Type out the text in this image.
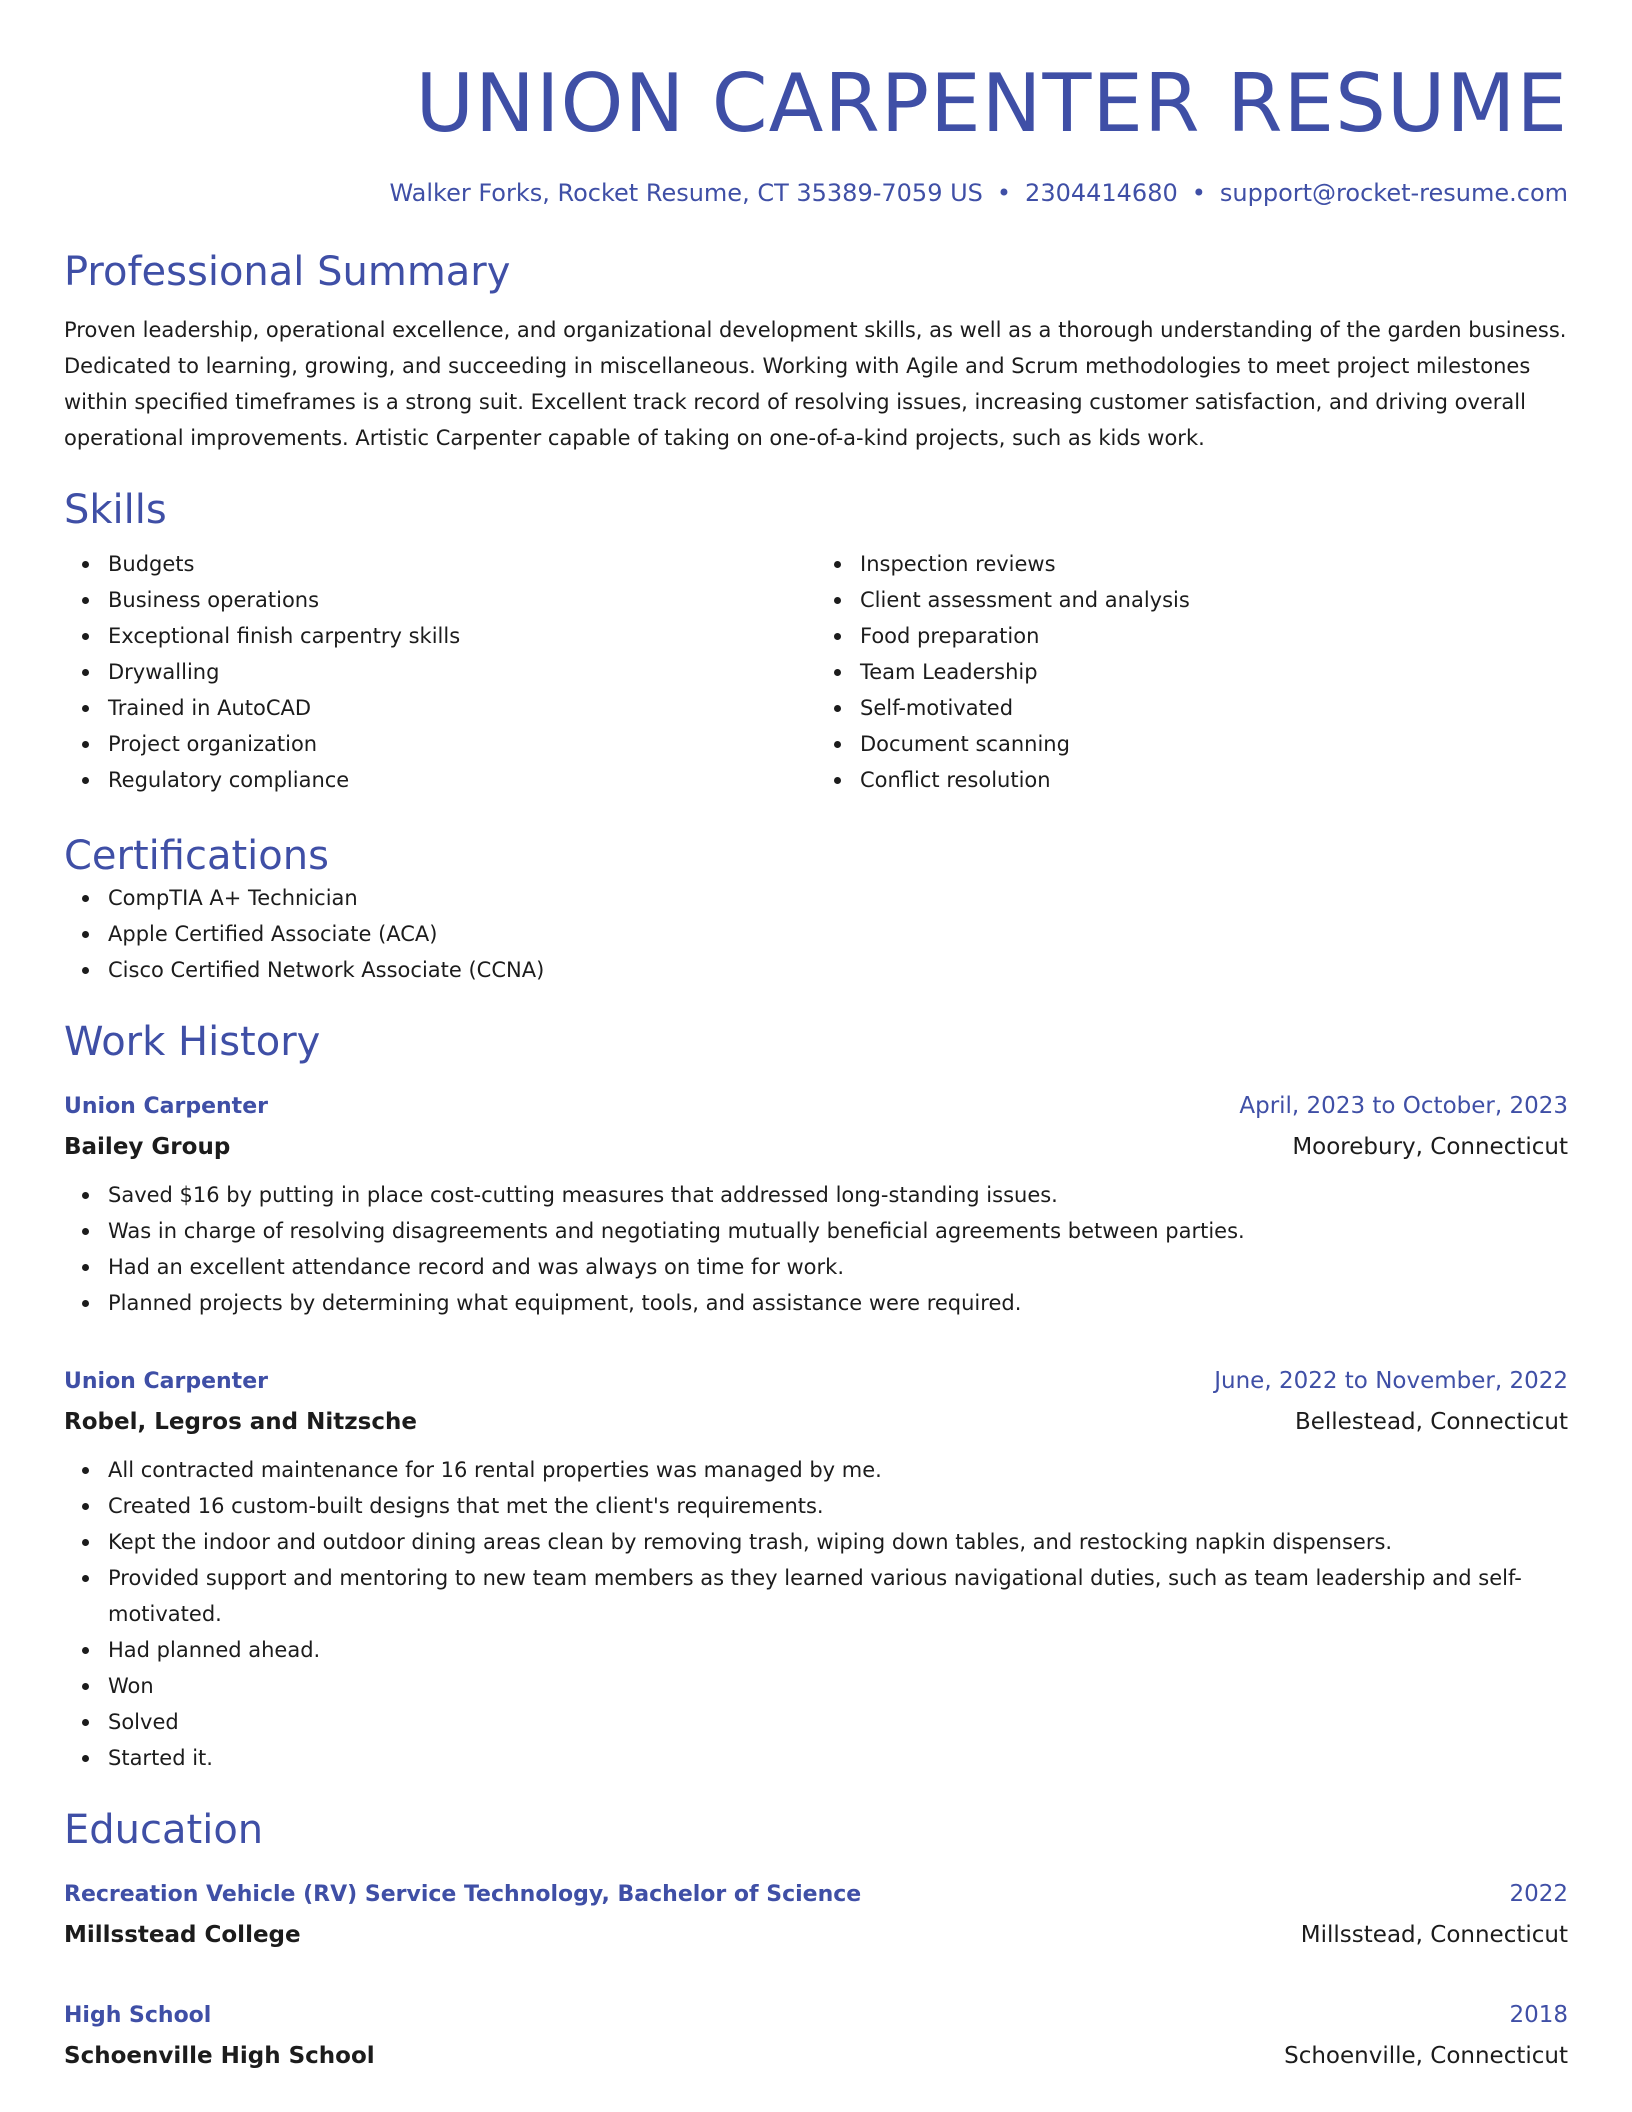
UNION CARPENTER RESUME
Walker Forks, Rocket Resume, CT 35389-7059 US • 2304414680 • support@rocket-resume.com
Professional Summary

Proven leadership, operational excellence, and organizational development skills, as well as a thorough understanding of the garden business. Dedicated to learning, growing, and succeeding in miscellaneous. Working with Agile and Scrum methodologies to meet project milestones within specified timeframes is a strong suit. Excellent track record of resolving issues, increasing customer satisfaction, and driving overall operational improvements. Artistic Carpenter capable of taking on one-of-a-kind projects, such as kids work.

Skills
Budgets
Business operations
Exceptional finish carpentry skills
Drywalling
Trained in AutoCAD
Project organization
Regulatory compliance
Inspection reviews
Client assessment and analysis
Food preparation
Team Leadership
Self-motivated
Document scanning
Conflict resolution
Certifications
CompTIA A+ Technician
Apple Certified Associate (ACA)
Cisco Certified Network Associate (CCNA)
Work History
Union Carpenter	April, 2023 to October, 2023
Bailey Group	Moorebury, Connecticut
Saved $16 by putting in place cost-cutting measures that addressed long-standing issues.
Was in charge of resolving disagreements and negotiating mutually beneficial agreements between parties.
Had an excellent attendance record and was always on time for work.
Planned projects by determining what equipment, tools, and assistance were required.
Union Carpenter	June, 2022 to November, 2022
Robel, Legros and Nitzsche	Bellestead, Connecticut
All contracted maintenance for 16 rental properties was managed by me.
Created 16 custom-built designs that met the client's requirements.
Kept the indoor and outdoor dining areas clean by removing trash, wiping down tables, and restocking napkin dispensers.
Provided support and mentoring to new team members as they learned various navigational duties, such as team leadership and self-motivated.
Had planned ahead.
Won
Solved
Started it.
Education
Recreation Vehicle (RV) Service Technology, Bachelor of Science	2022
Millsstead College	Millsstead, Connecticut
High School	2018
Schoenville High School	Schoenville, Connecticut
